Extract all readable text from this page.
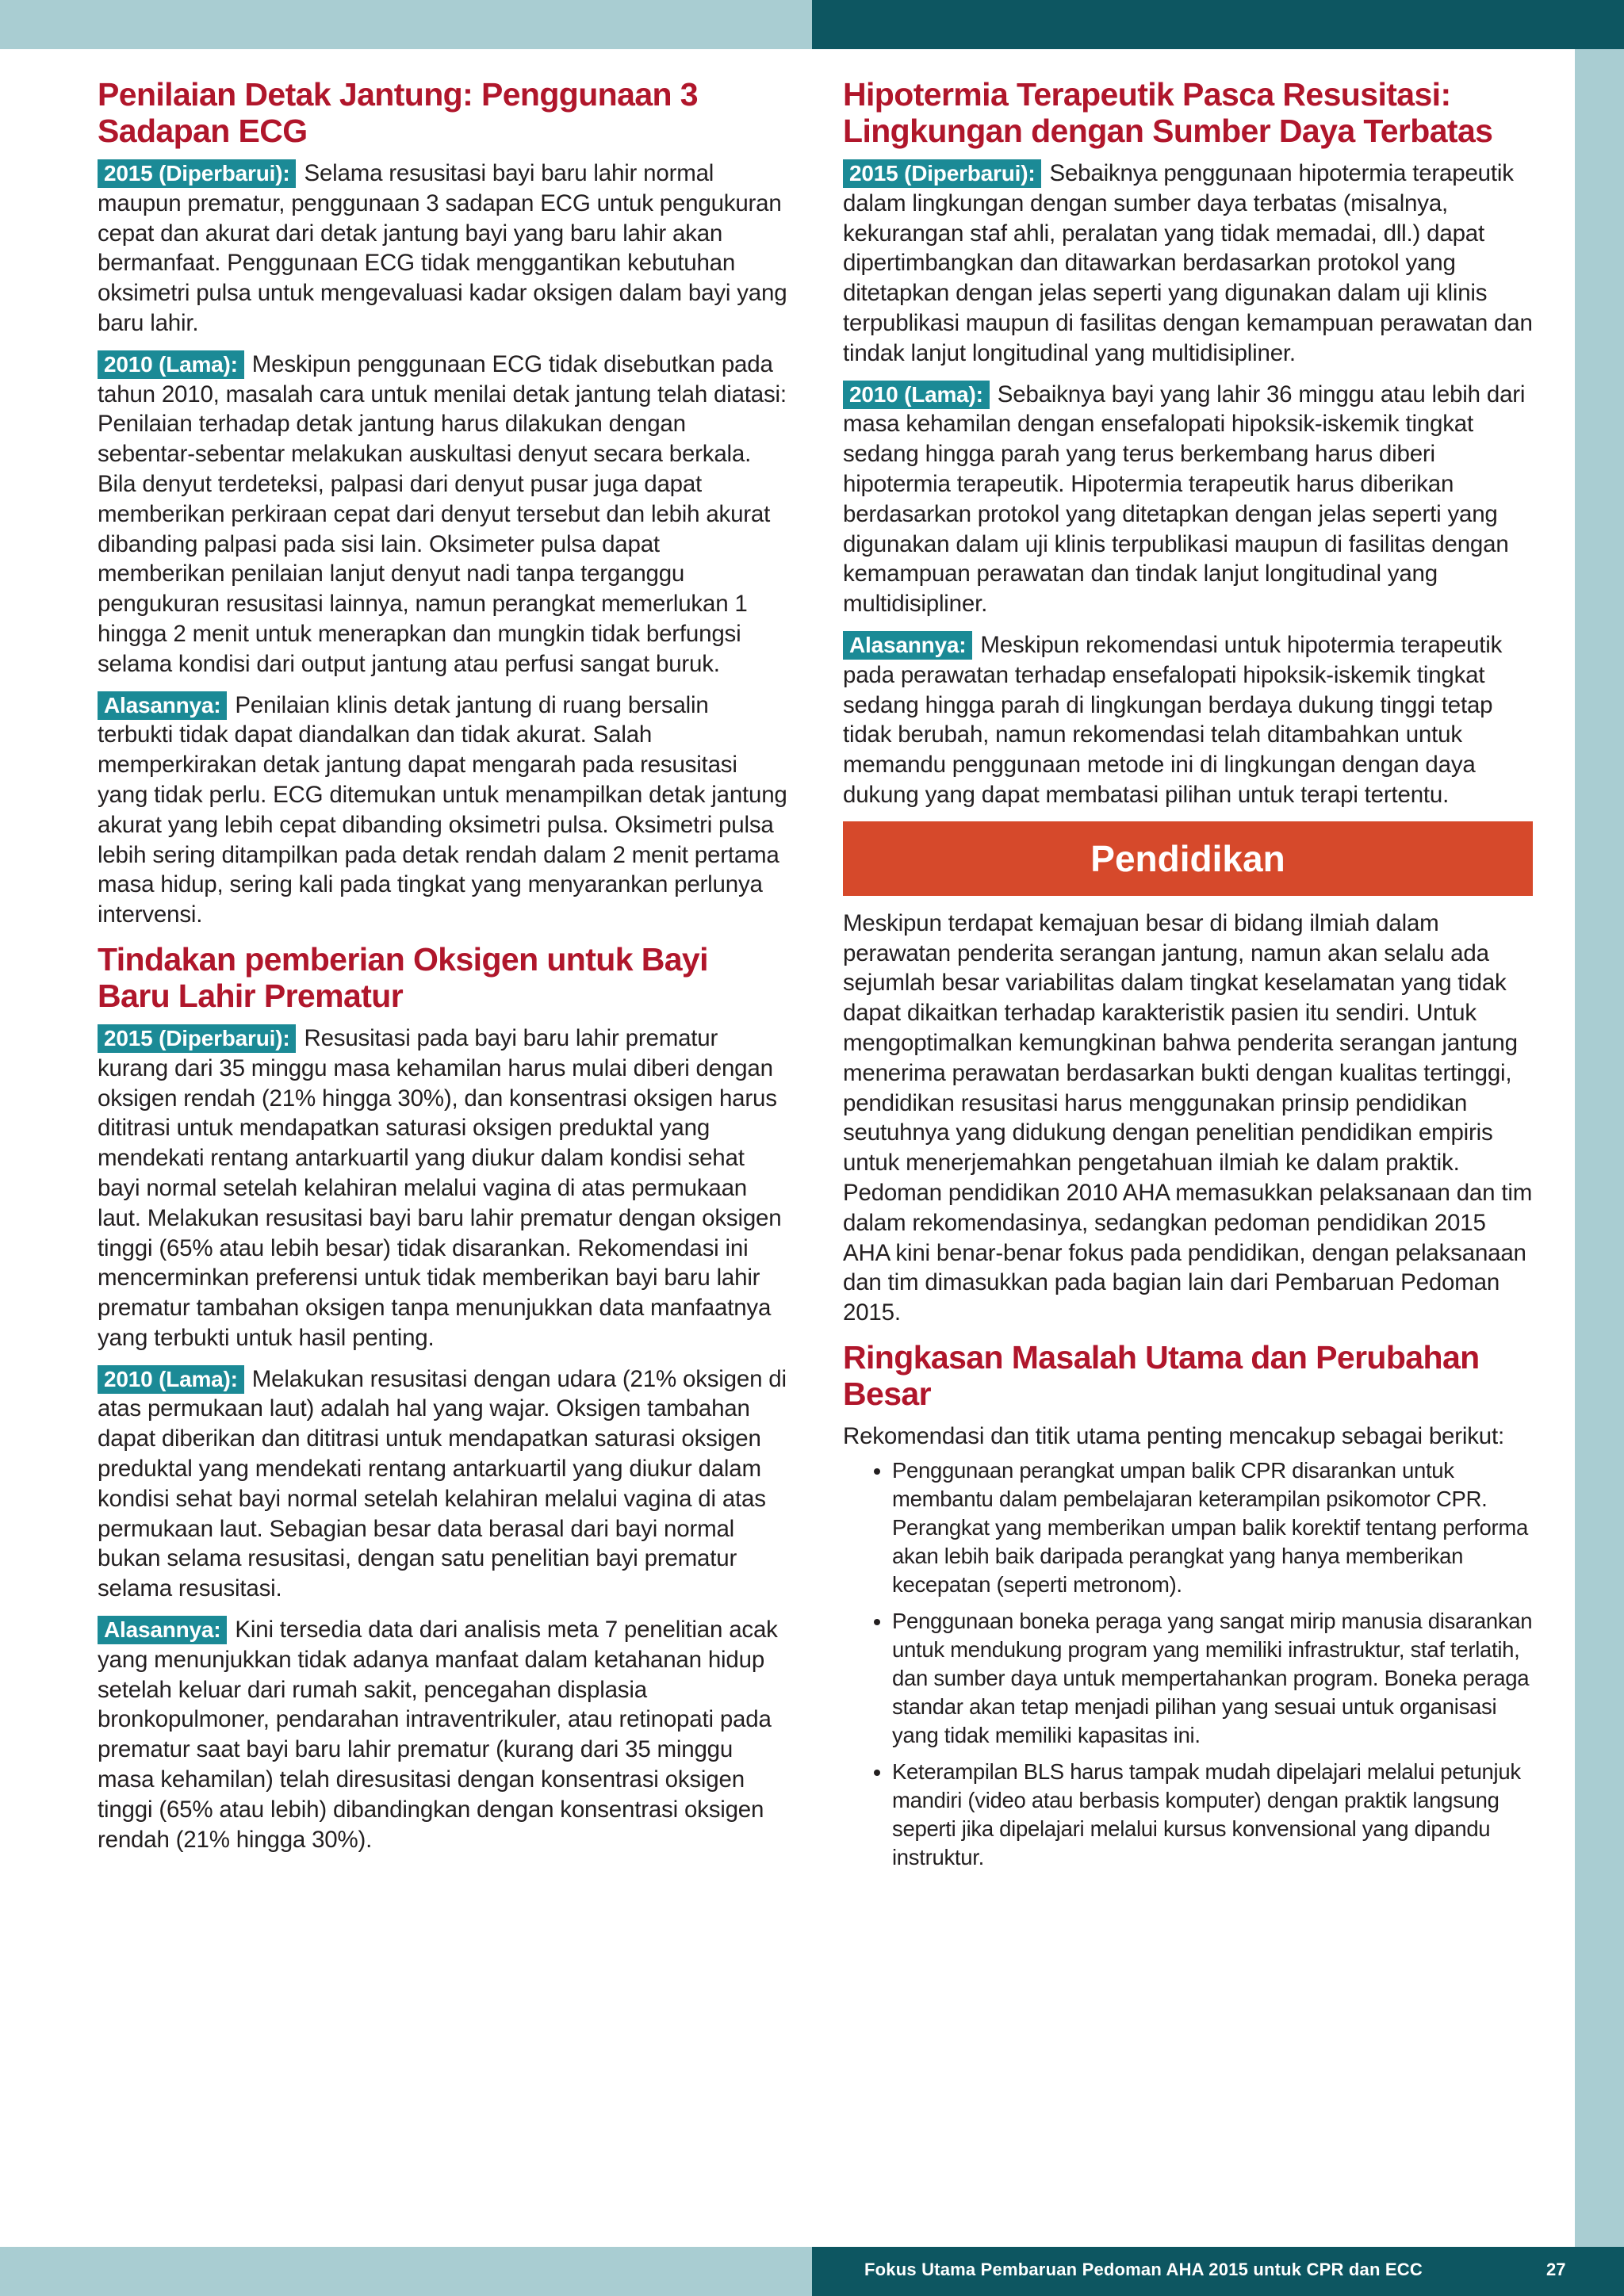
Penilaian Detak Jantung: Penggunaan 3 Sadapan ECG

2015 (Diperbarui): Selama resusitasi bayi baru lahir normal maupun prematur, penggunaan 3 sadapan ECG untuk pengukuran cepat dan akurat dari detak jantung bayi yang baru lahir akan bermanfaat. Penggunaan ECG tidak menggantikan kebutuhan oksimetri pulsa untuk mengevaluasi kadar oksigen dalam bayi yang baru lahir.

2010 (Lama): Meskipun penggunaan ECG tidak disebutkan pada tahun 2010, masalah cara untuk menilai detak jantung telah diatasi: Penilaian terhadap detak jantung harus dilakukan dengan sebentar-sebentar melakukan auskultasi denyut secara berkala. Bila denyut terdeteksi, palpasi dari denyut pusar juga dapat memberikan perkiraan cepat dari denyut tersebut dan lebih akurat dibanding palpasi pada sisi lain. Oksimeter pulsa dapat memberikan penilaian lanjut denyut nadi tanpa terganggu pengukuran resusitasi lainnya, namun perangkat memerlukan 1 hingga 2 menit untuk menerapkan dan mungkin tidak berfungsi selama kondisi dari output jantung atau perfusi sangat buruk.

Alasannya: Penilaian klinis detak jantung di ruang bersalin terbukti tidak dapat diandalkan dan tidak akurat. Salah memperkirakan detak jantung dapat mengarah pada resusitasi yang tidak perlu. ECG ditemukan untuk menampilkan detak jantung akurat yang lebih cepat dibanding oksimetri pulsa. Oksimetri pulsa lebih sering ditampilkan pada detak rendah dalam 2 menit pertama masa hidup, sering kali pada tingkat yang menyarankan perlunya intervensi.

Tindakan pemberian Oksigen untuk Bayi Baru Lahir Prematur

2015 (Diperbarui): Resusitasi pada bayi baru lahir prematur kurang dari 35 minggu masa kehamilan harus mulai diberi dengan oksigen rendah (21% hingga 30%), dan konsentrasi oksigen harus dititrasi untuk mendapatkan saturasi oksigen preduktal yang mendekati rentang antarkuartil yang diukur dalam kondisi sehat bayi normal setelah kelahiran melalui vagina di atas permukaan laut. Melakukan resusitasi bayi baru lahir prematur dengan oksigen tinggi (65% atau lebih besar) tidak disarankan. Rekomendasi ini mencerminkan preferensi untuk tidak memberikan bayi baru lahir prematur tambahan oksigen tanpa menunjukkan data manfaatnya yang terbukti untuk hasil penting.

2010 (Lama): Melakukan resusitasi dengan udara (21% oksigen di atas permukaan laut) adalah hal yang wajar. Oksigen tambahan dapat diberikan dan dititrasi untuk mendapatkan saturasi oksigen preduktal yang mendekati rentang antarkuartil yang diukur dalam kondisi sehat bayi normal setelah kelahiran melalui vagina di atas permukaan laut. Sebagian besar data berasal dari bayi normal bukan selama resusitasi, dengan satu penelitian bayi prematur selama resusitasi.

Alasannya: Kini tersedia data dari analisis meta 7 penelitian acak yang menunjukkan tidak adanya manfaat dalam ketahanan hidup setelah keluar dari rumah sakit, pencegahan displasia bronkopulmoner, pendarahan intraventrikuler, atau retinopati pada prematur saat bayi baru lahir prematur (kurang dari 35 minggu masa kehamilan) telah diresusitasi dengan konsentrasi oksigen tinggi (65% atau lebih) dibandingkan dengan konsentrasi oksigen rendah (21% hingga 30%).

Hipotermia Terapeutik Pasca Resusitasi: Lingkungan dengan Sumber Daya Terbatas

2015 (Diperbarui): Sebaiknya penggunaan hipotermia terapeutik dalam lingkungan dengan sumber daya terbatas (misalnya, kekurangan staf ahli, peralatan yang tidak memadai, dll.) dapat dipertimbangkan dan ditawarkan berdasarkan protokol yang ditetapkan dengan jelas seperti yang digunakan dalam uji klinis terpublikasi maupun di fasilitas dengan kemampuan perawatan dan tindak lanjut longitudinal yang multidisipliner.

2010 (Lama): Sebaiknya bayi yang lahir 36 minggu atau lebih dari masa kehamilan dengan ensefalopati hipoksik-iskemik tingkat sedang hingga parah yang terus berkembang harus diberi hipotermia terapeutik. Hipotermia terapeutik harus diberikan berdasarkan protokol yang ditetapkan dengan jelas seperti yang digunakan dalam uji klinis terpublikasi maupun di fasilitas dengan kemampuan perawatan dan tindak lanjut longitudinal yang multidisipliner.

Alasannya: Meskipun rekomendasi untuk hipotermia terapeutik pada perawatan terhadap ensefalopati hipoksik-iskemik tingkat sedang hingga parah di lingkungan berdaya dukung tinggi tetap tidak berubah, namun rekomendasi telah ditambahkan untuk memandu penggunaan metode ini di lingkungan dengan daya dukung yang dapat membatasi pilihan untuk terapi tertentu.

Pendidikan

Meskipun terdapat kemajuan besar di bidang ilmiah dalam perawatan penderita serangan jantung, namun akan selalu ada sejumlah besar variabilitas dalam tingkat keselamatan yang tidak dapat dikaitkan terhadap karakteristik pasien itu sendiri. Untuk mengoptimalkan kemungkinan bahwa penderita serangan jantung menerima perawatan berdasarkan bukti dengan kualitas tertinggi, pendidikan resusitasi harus menggunakan prinsip pendidikan seutuhnya yang didukung dengan penelitian pendidikan empiris untuk menerjemahkan pengetahuan ilmiah ke dalam praktik. Pedoman pendidikan 2010 AHA memasukkan pelaksanaan dan tim dalam rekomendasinya, sedangkan pedoman pendidikan 2015 AHA kini benar-benar fokus pada pendidikan, dengan pelaksanaan dan tim dimasukkan pada bagian lain dari Pembaruan Pedoman 2015.

Ringkasan Masalah Utama dan Perubahan Besar

Rekomendasi dan titik utama penting mencakup sebagai berikut:

• Penggunaan perangkat umpan balik CPR disarankan untuk membantu dalam pembelajaran keterampilan psikomotor CPR. Perangkat yang memberikan umpan balik korektif tentang performa akan lebih baik daripada perangkat yang hanya memberikan kecepatan (seperti metronom).
• Penggunaan boneka peraga yang sangat mirip manusia disarankan untuk mendukung program yang memiliki infrastruktur, staf terlatih, dan sumber daya untuk mempertahankan program. Boneka peraga standar akan tetap menjadi pilihan yang sesuai untuk organisasi yang tidak memiliki kapasitas ini.
• Keterampilan BLS harus tampak mudah dipelajari melalui petunjuk mandiri (video atau berbasis komputer) dengan praktik langsung seperti jika dipelajari melalui kursus konvensional yang dipandu instruktur.
Fokus Utama Pembaruan Pedoman AHA 2015 untuk CPR dan ECC	27
